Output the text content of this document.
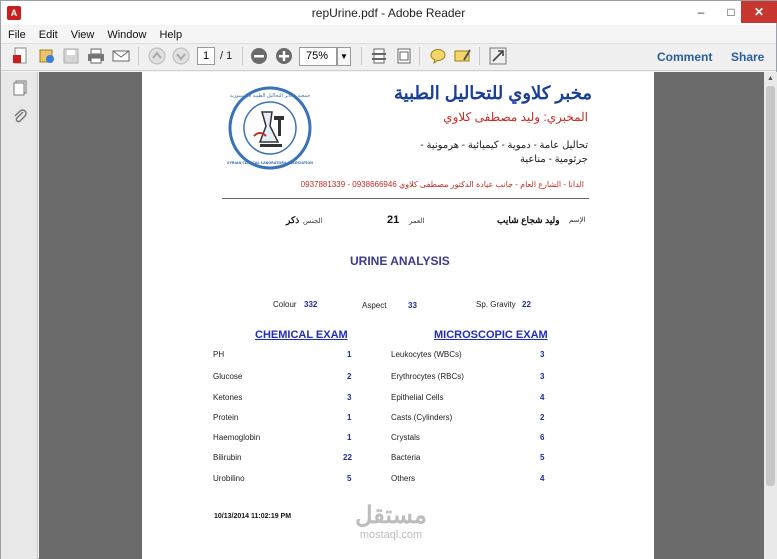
A	repUrine.pdf - Adobe Reader	–	□	✕
File Edit View Window Help
1 / 1	75%	▼	Comment Share
▲
جمعية مخابر التحاليل الطبية في سورية
SYRIAN CLINICAL LABORATORY ASSOCIATION
مخبر كلاوي للتحاليل الطبية
المخبري: وليد مصطفى كلاوي
تحاليل عامة - دموية - كيميائية - هرمونية -
جرثومية - مناعية
الدانا - الشارع العام - جانب عيادة الدكتور مصطفى كلاوي 0938666946 - 0937881339
الإسم
وليد شجاع شايب
العمر
21
الجنس
ذكر
URINE ANALYSIS
Colour 332	Aspect	33	Sp. Gravity 22
CHEMICAL EXAM	MICROSCOPIC EXAM
PH	1
Glucose	2
Ketones	3
Protein	1
Haemoglobin	1
Bilirubin	22
Urobilino	5
Leukocytes (WBCs)	3
Erythrocytes (RBCs)	3
Epithelial Cells	4
Casts (Cylinders)	2
Crystals	6
Bacteria	5
Others	4
10/13/2014 11:02:19 PM	مستقل
mostaql.com
